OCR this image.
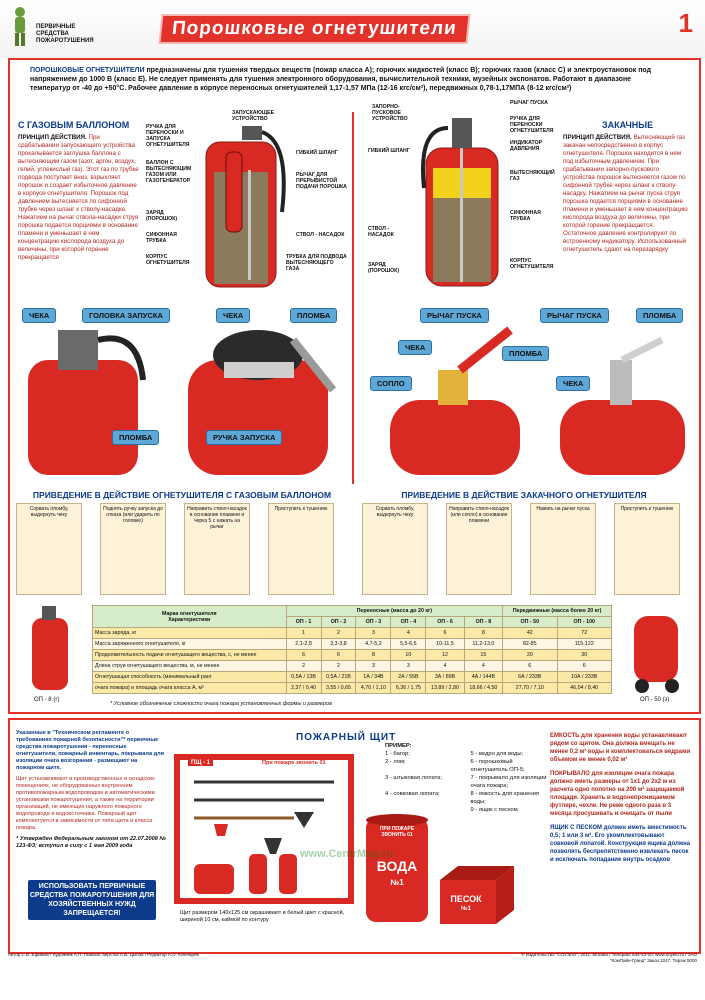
ПЕРВИЧНЫЕ СРЕДСТВА ПОЖАРОТУШЕНИЯ
Порошковые огнетушители	1
ПОРОШКОВЫЕ ОГНЕТУШИТЕЛИ предназначены для тушения твердых веществ (пожар класса А); горючих жидкостей (класс В); горючих газов (класс С) и электроустановок под напряжением до 1000 В (класс Е). Не следует применять для тушения электронного оборудования, вычислительной техники, музейных экспонатов. Работают в диапазоне температур от -40 до +50°С. Рабочее давление в корпусе переносных огнетушителей 1,17-1,57 МПа (12-16 кгс/см²), передвижных 0,78-1,17МПА (8-12 кгс/см²)
С ГАЗОВЫМ БАЛЛОНОМ
ПРИНЦИП ДЕЙСТВИЯ. При срабатывании запускающего устройства прокалывается заглушка баллона с вытесняющим газом (азот, аргон, воздух, гелий, углекислый газ). Этот газ по трубке подвода поступает вниз, взрыхляет порошок и создает избыточное давление в корпусе огнетушителя. Порошок под давлением вытесняется по сифонной трубке через шланг к стволу-насадке. Нажатием на рычаг ствола-насадки струя порошка подается порциями в основание пламени и уменьшает в нем концентрацию кислорода воздуха до величины, при которой горение прекращается
ЗАПУСКАЮЩЕЕ УСТРОЙСТВО
РУЧКА ДЛЯ ПЕРЕНОСКИ И ЗАПУСКА ОГНЕТУШИТЕЛЯ
ГИБКИЙ ШЛАНГ
БАЛЛОН С ВЫТЕСНЯЮЩИМ ГАЗОМ ИЛИ ГАЗОГЕНЕРАТОР
РЫЧАГ ДЛЯ ПРЕРЫВИСТОЙ ПОДАЧИ ПОРОШКА
ЗАРЯД (ПОРОШОК)
СИФОННАЯ ТРУБКА
СТВОЛ - НАСАДОК
КОРПУС ОГНЕТУШИТЕЛЯ
ТРУБКА ДЛЯ ПОДВОДА ВЫТЕСНЯЮЩЕГО ГАЗА
ЗАКАЧНЫЕ
ПРИНЦИП ДЕЙСТВИЯ. Вытесняющий газ закачан непосредственно в корпус огнетушителя. Порошок находится в нем под избыточным давлением. При срабатывании запорно-пускового устройства порошок вытесняется газом по сифонной трубке через шланг к стволу-насадку. Нажатием на рычаг пуска струя порошка подается порциями в основание пламени и уменьшает в нем концентрацию кислорода воздуха до величины, при которой горение прекращается. Остаточное давление контролируют по встроенному индикатору. Использованный огнетушитель сдают на перезарядку
ЗАПОРНО-ПУСКОВОЕ УСТРОЙСТВО
РЫЧАГ ПУСКА
РУЧКА ДЛЯ ПЕРЕНОСКИ ОГНЕТУШИТЕЛЯ
ГИБКИЙ ШЛАНГ
ИНДИКАТОР ДАВЛЕНИЯ
ВЫТЕСНЯЮЩИЙ ГАЗ
СИФОННАЯ ТРУБКА
СТВОЛ - НАСАДОК
ЗАРЯД (ПОРОШОК)
КОРПУС ОГНЕТУШИТЕЛЯ
ЧЕКА	ГОЛОВКА ЗАПУСКА	ЧЕКА	ПЛОМБА
ПЛОМБА	РУЧКА ЗАПУСКА
РЫЧАГ ПУСКА	РЫЧАГ ПУСКА	ПЛОМБА
ЧЕКА
ПЛОМБА
СОПЛО	ЧЕКА
ПРИВЕДЕНИЕ В ДЕЙСТВИЕ ОГНЕТУШИТЕЛЯ С ГАЗОВЫМ БАЛЛОНОМ	ПРИВЕДЕНИЕ В ДЕЙСТВИЕ ЗАКАЧНОГО ОГНЕТУШИТЕЛЯ
Сорвать пломбу, выдернуть чеку
Поднять ручку запуска до отказа (или ударить по головке)
Направить ствол-насадок в основание пламени и через 5 с нажать на рычаг
Приступить к тушению	Сорвать пломбу, выдернуть чеку
Направить ствол-насадок (или сопло) в основание пламени
Нажать на рычаг пуска	Приступить к тушению
ОП - 8 (г)	ОП - 50 (з)
Марка огнетушителя
Характеристики	Переносные (масса до 20 кг)						Передвижные (масса более 20 кг)	
	ОП - 1	ОП - 2	ОП - 3	ОП - 4	ОП - 6	ОП - 8	ОП - 50	ОП - 100
Масса заряда, кг	1	2	3	4	6	8	42	72
Масса заряженного огнетушителя, кг	2,1-2,8	3,3-3,8	4,7-5,2	5,5-6,5	10-11,5	11,2-13,0	82-85	115-122
Продолжительность подачи огнетушащего вещества, с, не менее	6	6	8	10	12	15	20	30
Длина струи огнетушащего вещества, м, не менее	2	2	3	3	4	4	6	6
Огнетушащая способность (минимальный ранг	0,5А / 13В	0,5А / 21В	1А / 34В	2А / 55В	3А / 89В	4А / 144В	6А / 233В	10А / 233В
очага пожара) и площадь очага класса А, м²	2,37 / 0,40	3,55 / 0,65	4,70 / 1,10	6,36 / 1,75	13,89 / 2,80	18,66 / 4,50	27,70 / 7,10	46,04 / 8,40
* Условное обозначение сложности очага пожара установленных формы и размеров

Указанные в "Техническом регламенте о требованиях пожарной безопасности"* первичные средства пожаротушения - переносные огнетушители, пожарный инвентарь, покрывала для изоляции очага возгорания - размещают на пожарном щите.

Щит устанавливают в производственных и складских помещениях, не оборудованных внутренним противопожарным водопроводом и автоматическими установками пожаротушения, а также на территории организаций, не имеющих наружного пожарного водопровода и водоисточника. Пожарный щит комплектуется в зависимости от типа щита и класса пожара.

* Утвержден Федеральным законом от 22.07.2008 № 123-ФЗ; вступил в силу с 1 мая 2009 года

ИСПОЛЬЗОВАТЬ ПЕРВИЧНЫЕ СРЕДСТВА ПОЖАРОТУШЕНИЯ ДЛЯ ХОЗЯЙСТВЕННЫХ НУЖД ЗАПРЕЩАЕТСЯ!
ПОЖАРНЫЙ ЩИТ
ПЩ - 1	При пожаре звонить 01
ПРИМЕР:
1 - багор;	5 - ведро для воды;
2 - лом;	6 - порошковый огнетушитель ОП-5;
3 - штыковая лопата;	7 - покрывало для изоляции очага пожара;
4 - совковая лопата;	8 - емкость для хранения воды;
9 - ящик с песком
ПРИ ПОЖАРЕ ЗВОНИТЬ 01
ВОДА
№1
ПЕСОК
№1
Щит размером 140х125 см окрашивают в белый цвет с красной, шириной 10 см, каймой по контуру
www.CentrMag.ru

ЕМКОСТЬ для хранения воды устанавливают рядом со щитом. Она должна вмещать не менее 0,2 м³ воды и комплектоваться ведрами объемом не менее 0,02 м³

ПОКРЫВАЛО для изоляции очага пожара должно иметь размеры от 1х1 до 2х2 м из расчета одно полотно на 200 м² защищаемой площади. Хранить в водонепроницаемом футляре, чехле. Не реже одного раза в 3 месяца просушивать и очищать от пыли

ЯЩИК С ПЕСКОМ должен иметь вместимость 0,5; 1 или 3 м³. Его укомплектовывают совковой лопатой. Конструкция ящика должна позволять беспрепятственно извлекать песок и исключать попадание внутрь осадков

Автор С.В. Ефимов / Художник А.П. Газизов, верстка А.В. Цыпов / Редактор А.О. Ключарев	© Издательство "СОУЭЛО", 2011. Москва / Тел/факс 644-43-20; www.soyelo.ru / ЗАО "КомПайн-Гранд" Заказ 3247. Тираж 5000
